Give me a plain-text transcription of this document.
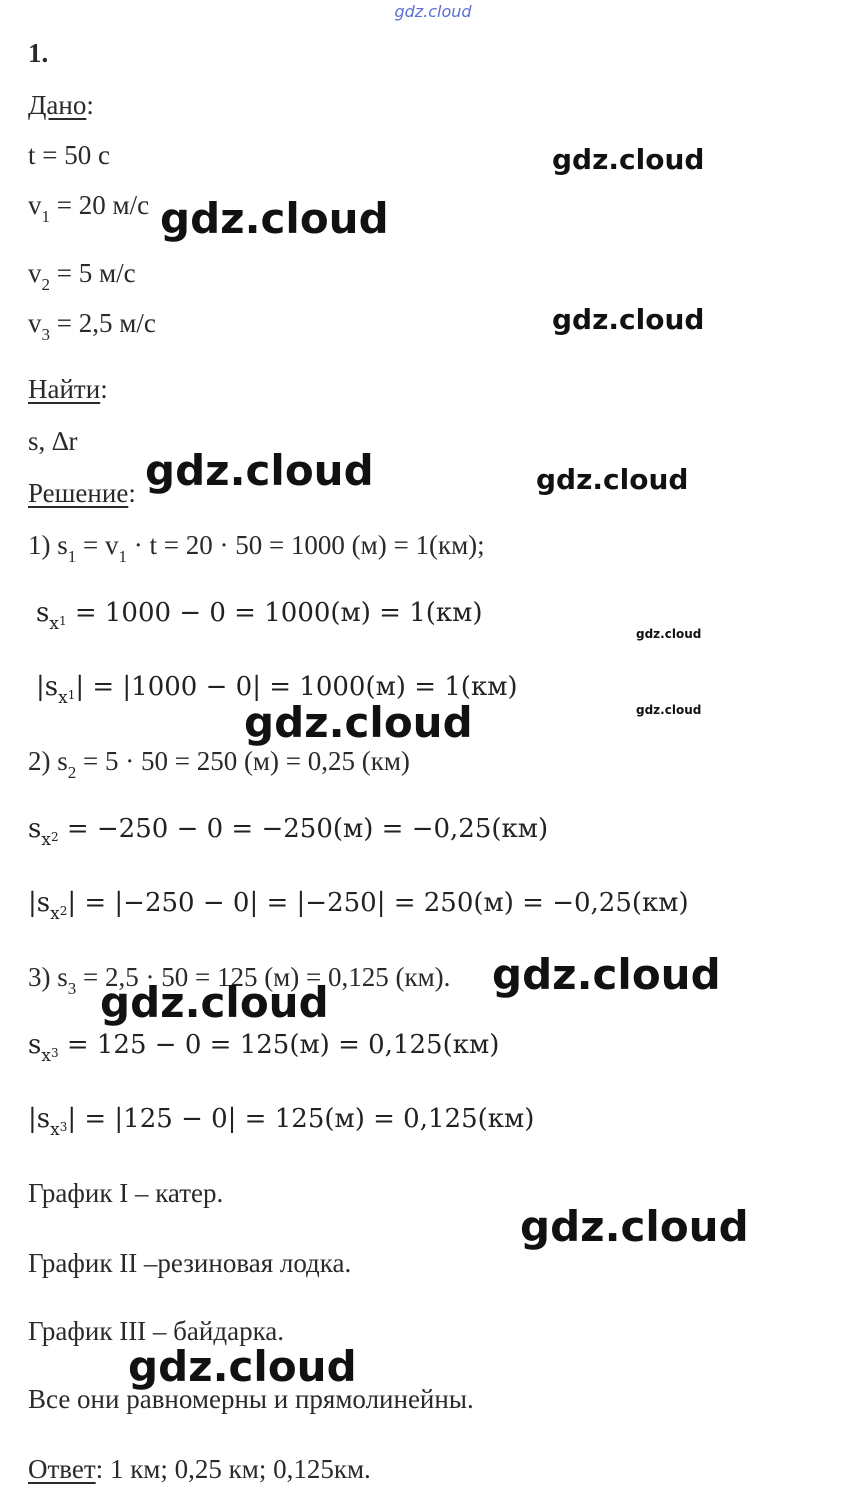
gdz.cloud
1.
Дано:
t = 50 с
$v_1 = 20$ м/с
$v_2 = 5$ м/с
$v_3 = 2,5$ м/с
Найти:
s, ∆r
Решение:
1) $s_1 = v_1 \cdot t = 20 \cdot 50 = 1000$ (м) = 1(км);
$s_x1 = 1000 - 0 = 1000(м) = 1(км)$
$|s_x1| = |1000 - 0| = 1000(м) = 1(км)$
2) $s_2 = 5 \cdot 50 = 250$ (м) = 0,25 (км)
$s_x2 = -250 - 0 = -250(м) = -0,25(км)$
$|s_x2| = |-250 - 0| = |-250| = 250(м) = -0,25(км)$
3) $s_3 = 2,5 \cdot 50 = 125$ (м) = 0,125 (км).
$s_x3 = 125 - 0 = 125(м) = 0,125(км)$
$|s_x3| = |125 - 0| = 125(м) = 0,125(км)$
График I – катер.
График II –резиновая лодка.
График III – байдарка.
Все они равномерны и прямолинейны.
Ответ: 1 км; 0,25 км; 0,125км.
gdz.cloud
gdz.cloud
gdz.cloud
gdz.cloud	gdz.cloud
gdz.cloud
gdz.cloud
gdz.cloud
gdz.cloud
gdz.cloud
gdz.cloud
gdz.cloud
